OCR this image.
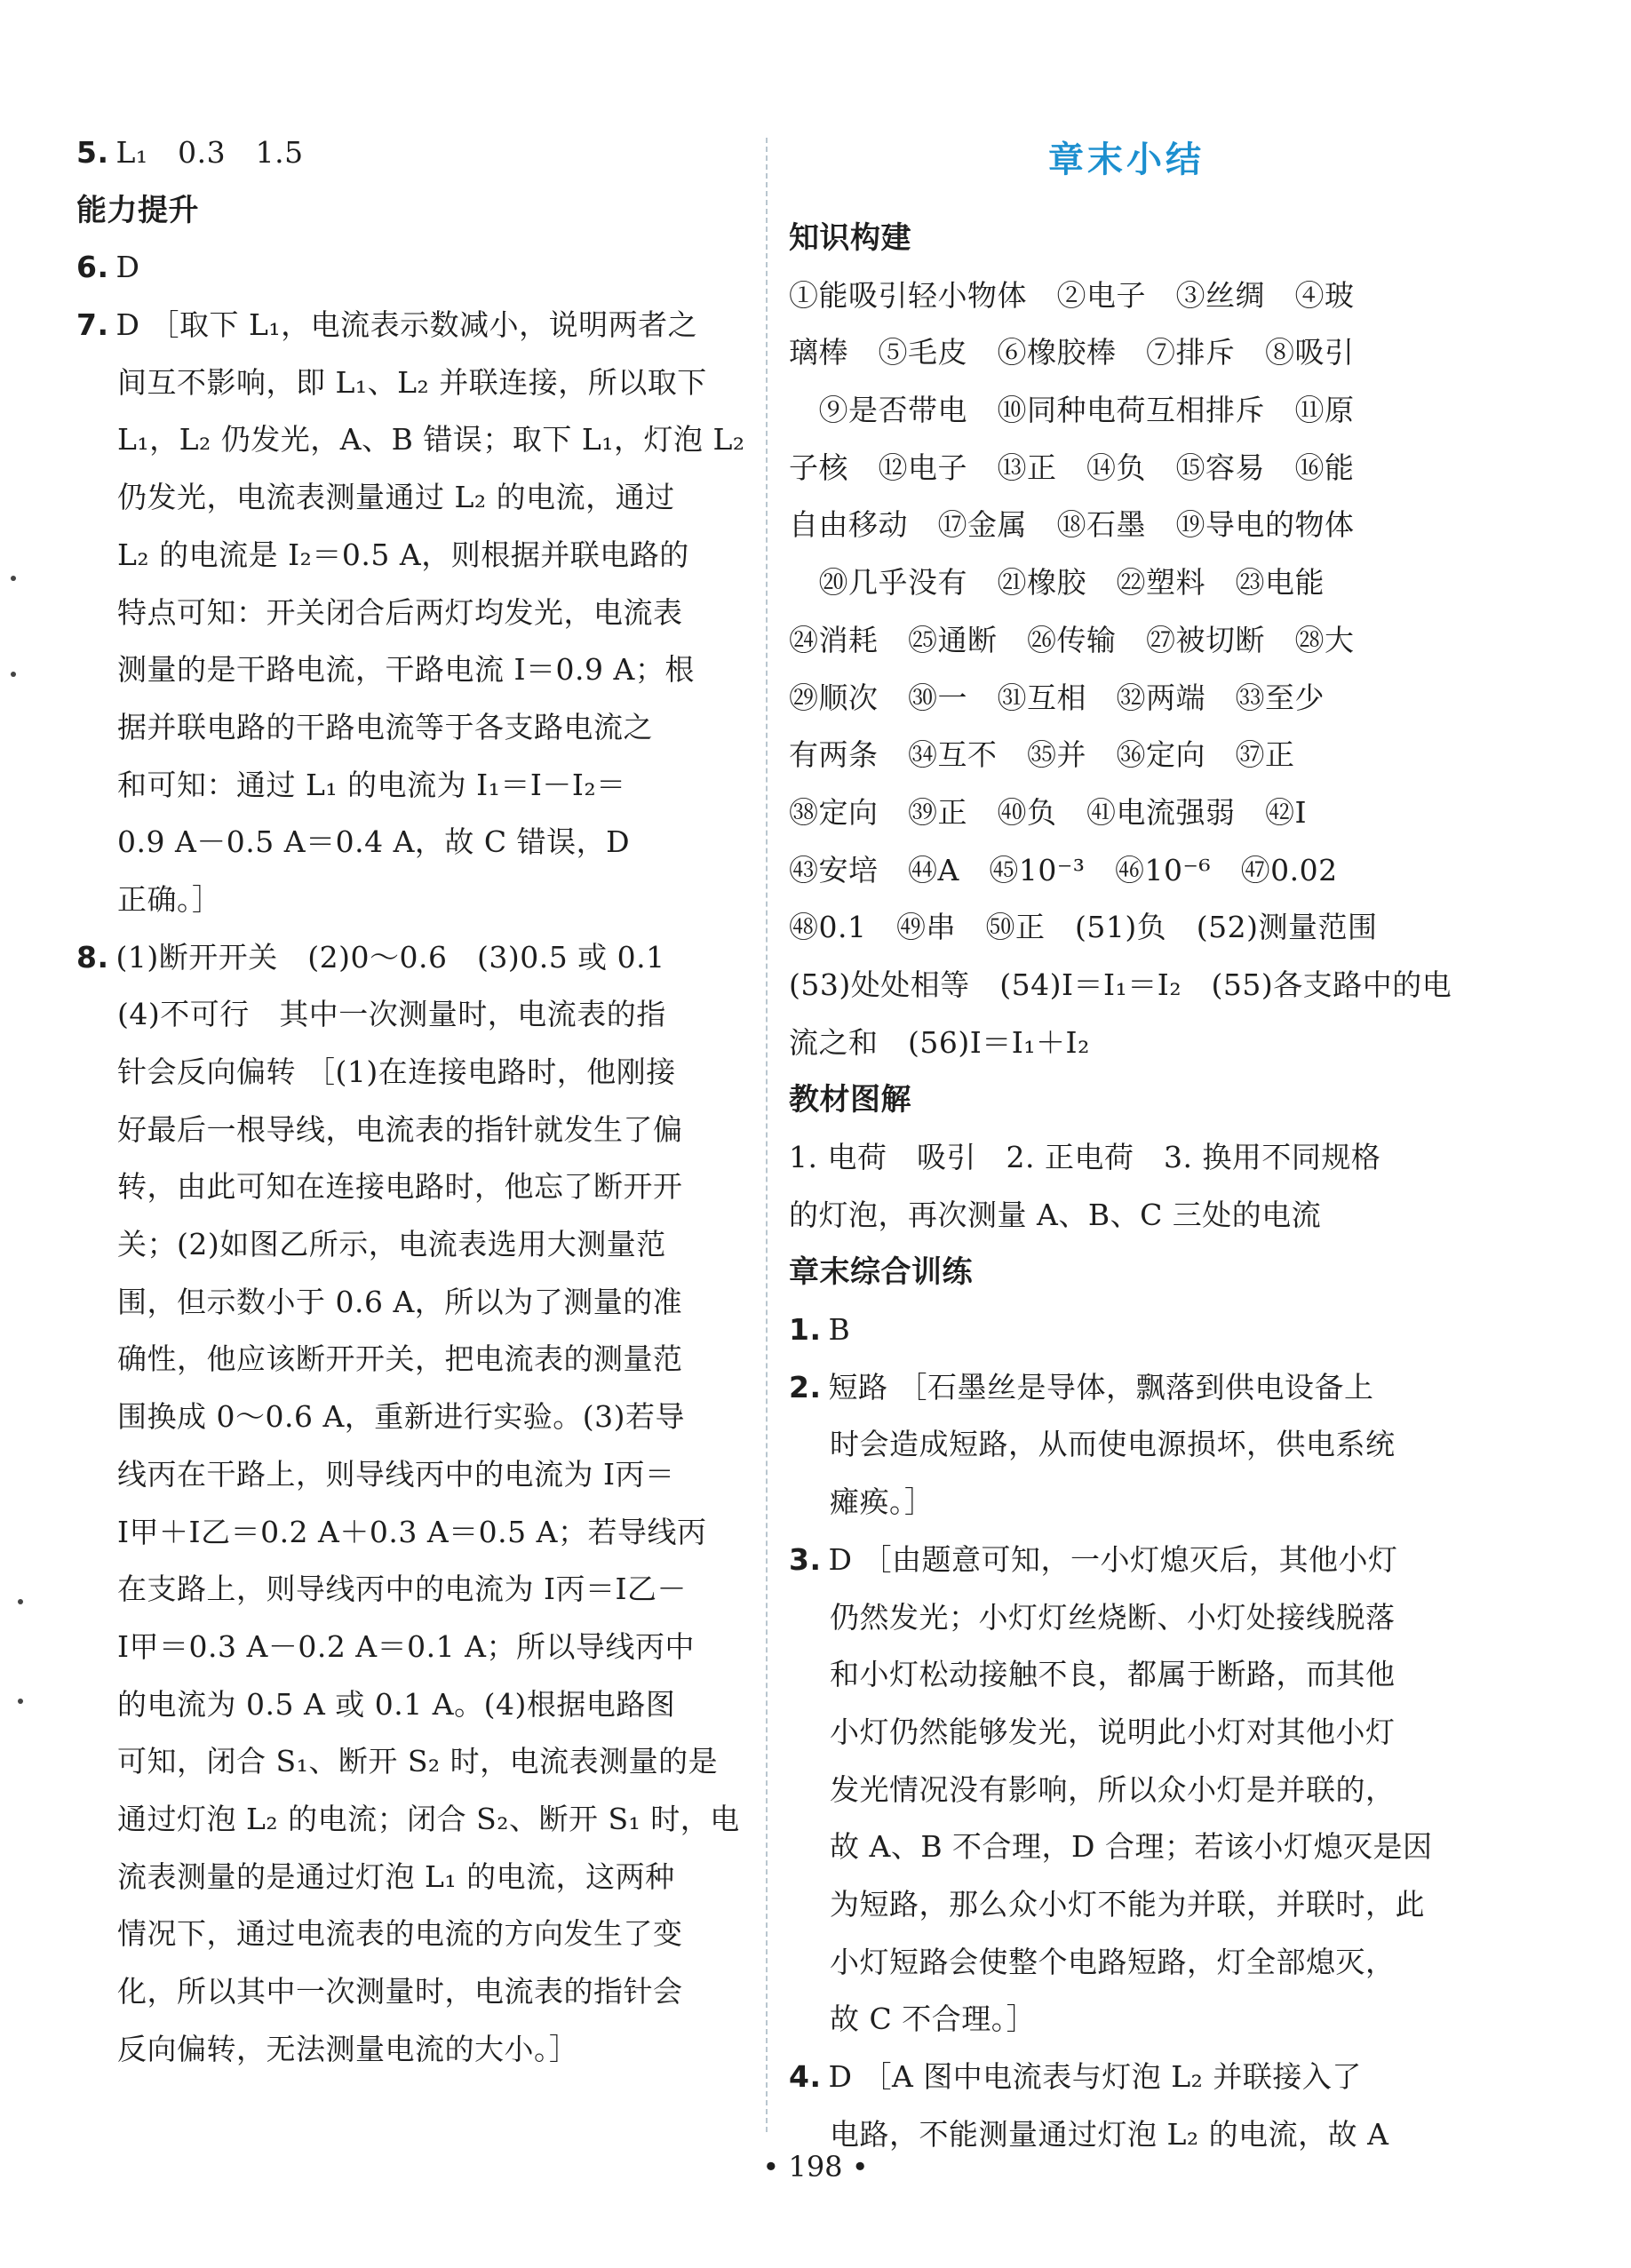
5. L₁　0.3　1.5
能力提升
6. D
7. D ［取下 L₁，电流表示数减小，说明两者之
间互不影响，即 L₁、L₂ 并联连接，所以取下
L₁，L₂ 仍发光，A、B 错误；取下 L₁，灯泡 L₂
仍发光，电流表测量通过 L₂ 的电流，通过
L₂ 的电流是 I₂＝0.5 A，则根据并联电路的
特点可知：开关闭合后两灯均发光，电流表
测量的是干路电流，干路电流 I＝0.9 A；根
据并联电路的干路电流等于各支路电流之
和可知：通过 L₁ 的电流为 I₁＝I－I₂＝
0.9 A－0.5 A＝0.4 A，故 C 错误，D
正确。］
8. (1)断开开关　(2)0～0.6　(3)0.5 或 0.1
(4)不可行　其中一次测量时，电流表的指
针会反向偏转 ［(1)在连接电路时，他刚接
好最后一根导线，电流表的指针就发生了偏
转，由此可知在连接电路时，他忘了断开开
关；(2)如图乙所示，电流表选用大测量范
围，但示数小于 0.6 A，所以为了测量的准
确性，他应该断开开关，把电流表的测量范
围换成 0～0.6 A，重新进行实验。(3)若导
线丙在干路上，则导线丙中的电流为 I丙＝
I甲＋I乙＝0.2 A＋0.3 A＝0.5 A；若导线丙
在支路上，则导线丙中的电流为 I丙＝I乙－
I甲＝0.3 A－0.2 A＝0.1 A；所以导线丙中
的电流为 0.5 A 或 0.1 A。(4)根据电路图
可知，闭合 S₁、断开 S₂ 时，电流表测量的是
通过灯泡 L₂ 的电流；闭合 S₂、断开 S₁ 时，电
流表测量的是通过灯泡 L₁ 的电流，这两种
情况下，通过电流表的电流的方向发生了变
化，所以其中一次测量时，电流表的指针会
反向偏转，无法测量电流的大小。］
章末小结
知识构建
①能吸引轻小物体　②电子　③丝绸　④玻
璃棒　⑤毛皮　⑥橡胶棒　⑦排斥　⑧吸引
　⑨是否带电　⑩同种电荷互相排斥　⑪原
子核　⑫电子　⑬正　⑭负　⑮容易　⑯能
自由移动　⑰金属　⑱石墨　⑲导电的物体
　⑳几乎没有　㉑橡胶　㉒塑料　㉓电能
㉔消耗　㉕通断　㉖传输　㉗被切断　㉘大
㉙顺次　㉚一　㉛互相　㉜两端　㉝至少
有两条　㉞互不　㉟并　㊱定向　㊲正
㊳定向　㊴正　㊵负　㊶电流强弱　㊷I
㊸安培　㊹A　㊺10⁻³　㊻10⁻⁶　㊼0.02
㊽0.1　㊾串　㊿正　(51)负　(52)测量范围
(53)处处相等　(54)I＝I₁＝I₂　(55)各支路中的电
流之和　(56)I＝I₁＋I₂
教材图解
1. 电荷　吸引　2. 正电荷　3. 换用不同规格
的灯泡，再次测量 A、B、C 三处的电流
章末综合训练
1. B
2. 短路 ［石墨丝是导体，飘落到供电设备上
时会造成短路，从而使电源损坏，供电系统
瘫痪。］
3. D ［由题意可知，一小灯熄灭后，其他小灯
仍然发光；小灯灯丝烧断、小灯处接线脱落
和小灯松动接触不良，都属于断路，而其他
小灯仍然能够发光，说明此小灯对其他小灯
发光情况没有影响，所以众小灯是并联的，
故 A、B 不合理，D 合理；若该小灯熄灭是因
为短路，那么众小灯不能为并联，并联时，此
小灯短路会使整个电路短路，灯全部熄灭，
故 C 不合理。］
4. D ［A 图中电流表与灯泡 L₂ 并联接入了
电路，不能测量通过灯泡 L₂ 的电流，故 A
• 198 •
